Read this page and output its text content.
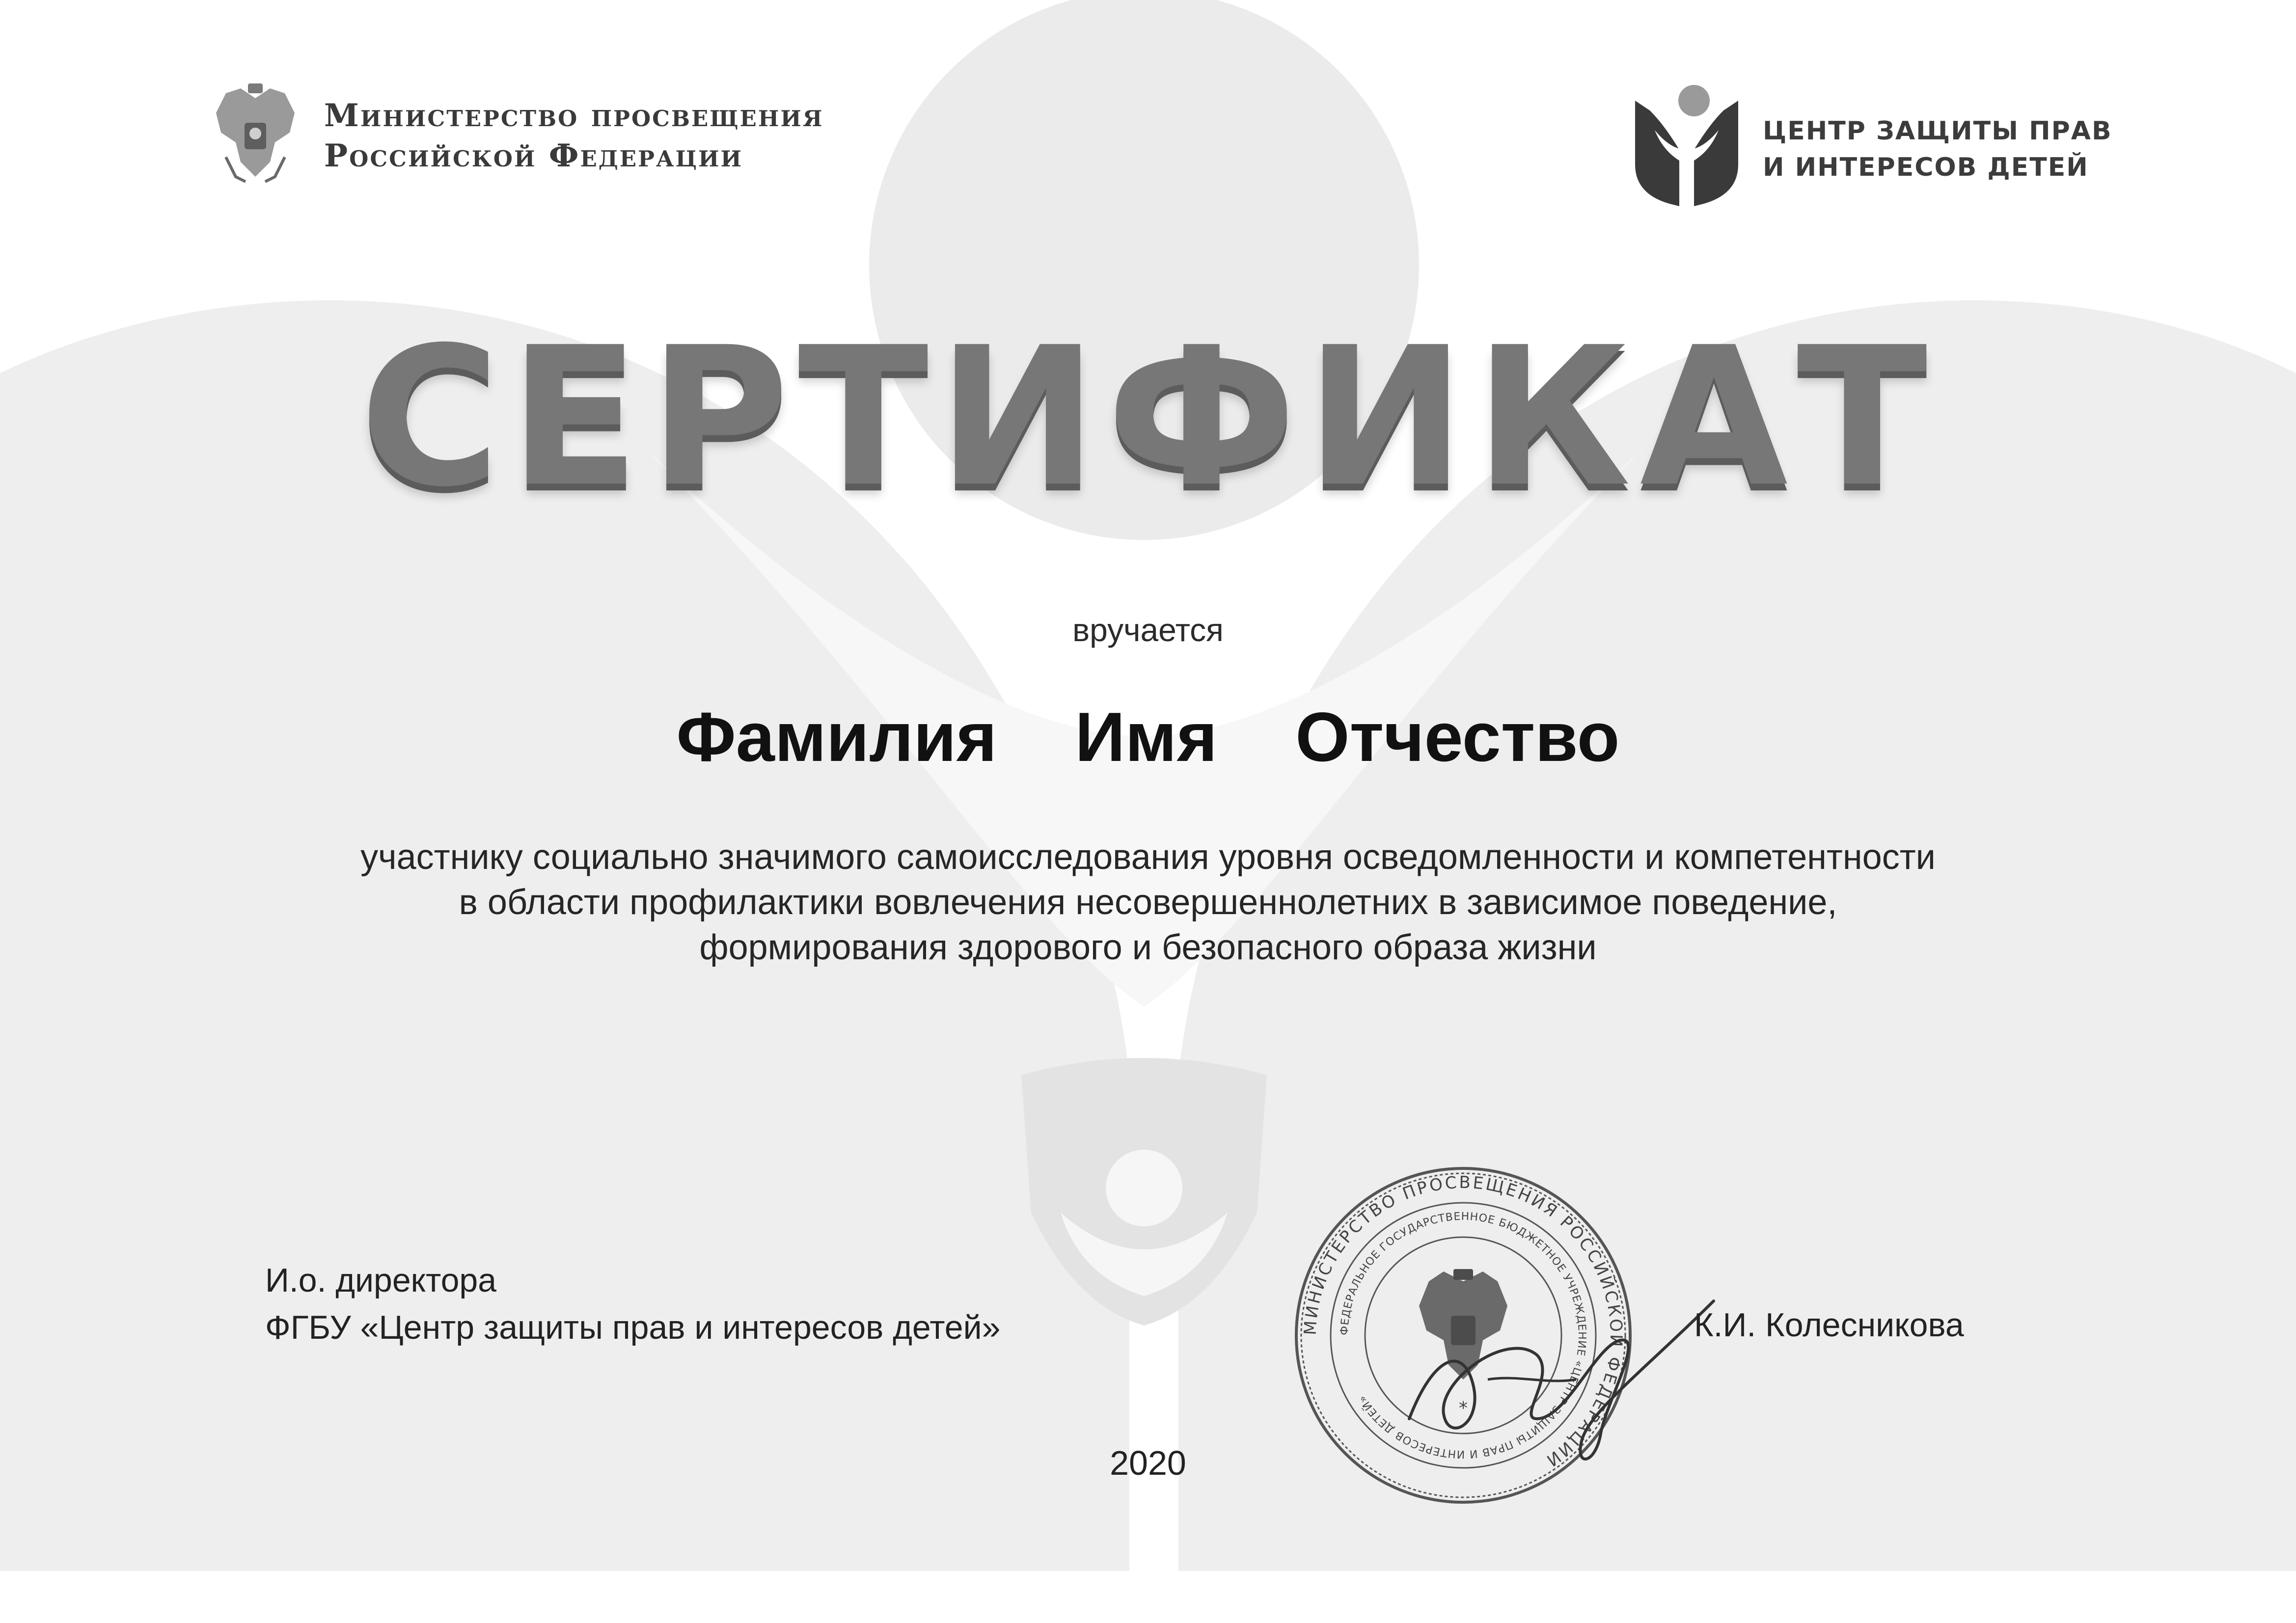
Министерство просвещения
Российской Федерации
ЦЕНТР ЗАЩИТЫ ПРАВ
И ИНТЕРЕСОВ ДЕТЕЙ
СЕРТИФИКАТ
вручается
Фамилия  Имя  Отчество
участнику социально значимого самоисследования уровня осведомленности и компетентности
в области профилактики вовлечения несовершеннолетних в зависимое поведение,
формирования здорового и безопасного образа жизни
И.о. директора
ФГБУ «Центр защиты прав и интересов детей»	МИНИСТЕРСТВО ПРОСВЕЩЕНИЯ РОССИЙСКОЙ ФЕДЕРАЦИИ
ФЕДЕРАЛЬНОЕ ГОСУДАРСТВЕННОЕ БЮДЖЕТНОЕ УЧРЕЖДЕНИЕ «ЦЕНТР ЗАЩИТЫ ПРАВ И ИНТЕРЕСОВ ДЕТЕЙ»	*
К.И. Колесникова
2020
